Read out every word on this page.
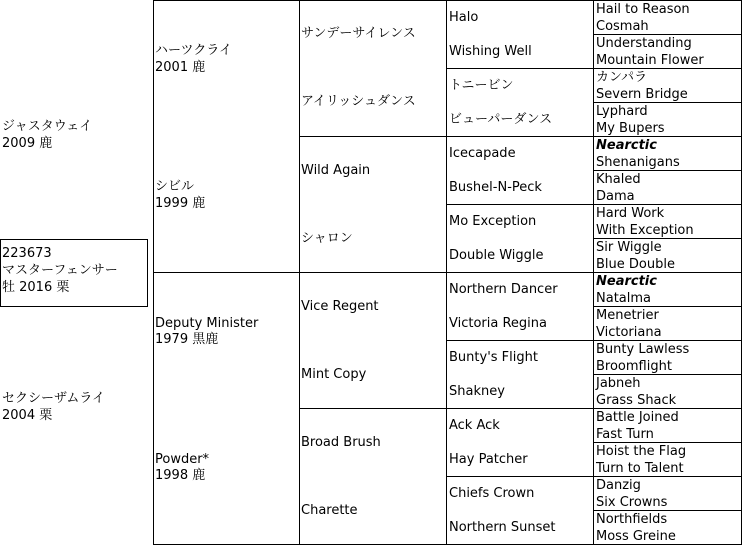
ジャスタウェイ
2009 鹿
223673
マスターフェンサー
牡 2016 栗
セクシーザムライ
2004 栗
ハーツクライ
2001 鹿
シビル
1999 鹿
Deputy Minister
1979 黒鹿
Powder*
1998 鹿
サンデーサイレンス
アイリッシュダンス
Wild Again
シャロン
Vice Regent
Mint Copy
Broad Brush
Charette
Halo
Wishing Well
トニービン
ビューパーダンス
Icecapade
Bushel-N-Peck
Mo Exception
Double Wiggle
Northern Dancer
Victoria Regina
Bunty's Flight
Shakney
Ack Ack
Hay Patcher
Chiefs Crown
Northern Sunset
Hail to Reason
Cosmah
Understanding
Mountain Flower
カンパラ
Severn Bridge
Lyphard
My Bupers
Nearctic
Shenanigans
Khaled
Dama
Hard Work
With Exception
Sir Wiggle
Blue Double
Nearctic
Natalma
Menetrier
Victoriana
Bunty Lawless
Broomflight
Jabneh
Grass Shack
Battle Joined
Fast Turn
Hoist the Flag
Turn to Talent
Danzig
Six Crowns
Northfields
Moss Greine
